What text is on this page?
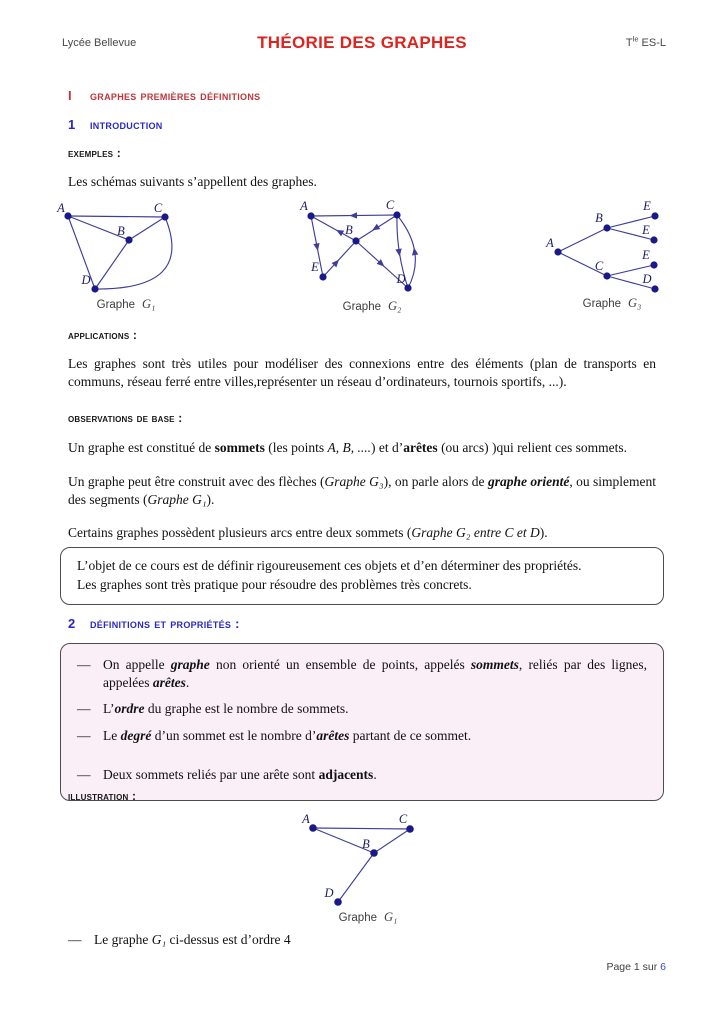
Lycée Bellevue	THÉORIE DES GRAPHES	$T^{le}$ ES-L
I graphes premières définitions
1 introduction
exemples :
Les schémas suivants s’appellent des graphes.
A
B
C
D
Graphe G₁
A
B
C
D
E
Graphe G₂
A
B
C
E
E
E
D
Graphe G₃
applications :
Les graphes sont très utiles pour modéliser des connexions entre des éléments (plan de transports en communs, réseau ferré entre villes,représenter un réseau d’ordinateurs, tournois sportifs, ...).
observations de base :
Un graphe est constitué de sommets (les points A, B, ....) et d’arêtes (ou arcs) )qui relient ces sommets.
Un graphe peut être construit avec des flèches (Graphe G₃), on parle alors de graphe orienté, ou simplement des segments (Graphe G₁).
Certains graphes possèdent plusieurs arcs entre deux sommets (Graphe G₂ entre C et D).
L’objet de ce cours est de définir rigoureusement ces objets et d’en déterminer des propriétés.
Les graphes sont très pratique pour résoudre des problèmes très concrets.
2 définitions et propriétés :
— On appelle graphe non orienté un ensemble de points, appelés sommets, reliés par des lignes, appelées arêtes.
— L’ordre du graphe est le nombre de sommets.
— Le degré d’un sommet est le nombre d’arêtes partant de ce sommet.
— Deux sommets reliés par une arête sont adjacents.
illustration :
A
B
C
D
Graphe G₁
— Le graphe G₁ ci-dessus est d’ordre 4
Page 1 sur 6
